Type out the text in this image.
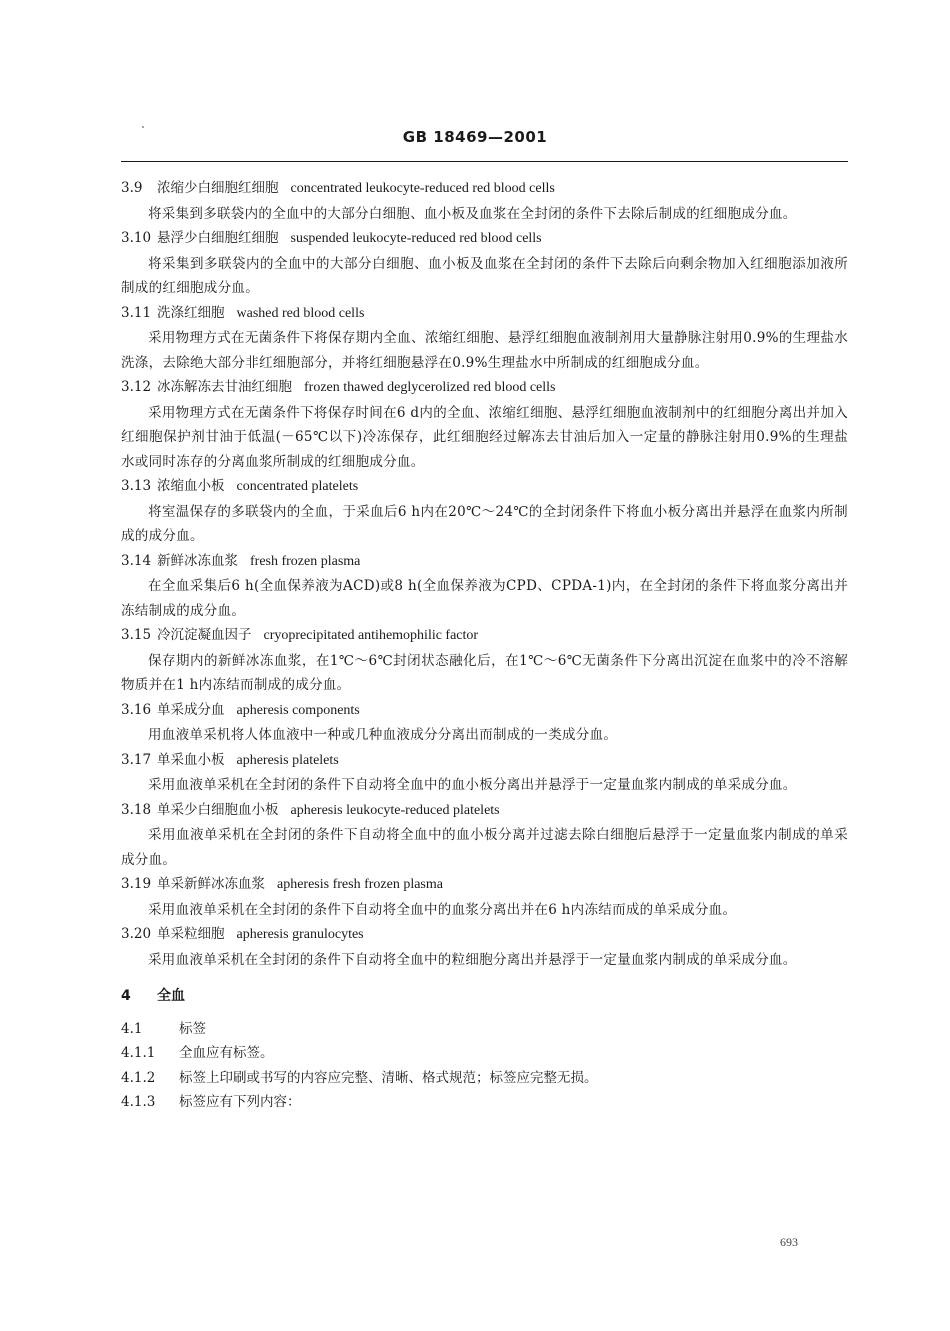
GB 18469—2001
3.9 浓缩少白细胞红细胞 concentrated leukocyte-reduced red blood cells
将采集到多联袋内的全血中的大部分白细胞、血小板及血浆在全封闭的条件下去除后制成的红细胞成分血。
3.10 悬浮少白细胞红细胞 suspended leukocyte-reduced red blood cells
将采集到多联袋内的全血中的大部分白细胞、血小板及血浆在全封闭的条件下去除后向剩余物加入红细胞添加液所制成的红细胞成分血。
3.11 洗涤红细胞 washed red blood cells
采用物理方式在无菌条件下将保存期内全血、浓缩红细胞、悬浮红细胞血液制剂用大量静脉注射用0.9%的生理盐水洗涤，去除绝大部分非红细胞部分，并将红细胞悬浮在0.9%生理盐水中所制成的红细胞成分血。
3.12 冰冻解冻去甘油红细胞 frozen thawed deglycerolized red blood cells
采用物理方式在无菌条件下将保存时间在6 d内的全血、浓缩红细胞、悬浮红细胞血液制剂中的红细胞分离出并加入红细胞保护剂甘油于低温(－65℃以下)冷冻保存，此红细胞经过解冻去甘油后加入一定量的静脉注射用0.9%的生理盐水或同时冻存的分离血浆所制成的红细胞成分血。
3.13 浓缩血小板 concentrated platelets
将室温保存的多联袋内的全血，于采血后6 h内在20℃～24℃的全封闭条件下将血小板分离出并悬浮在血浆内所制成的成分血。
3.14 新鲜冰冻血浆 fresh frozen plasma
在全血采集后6 h(全血保养液为ACD)或8 h(全血保养液为CPD、CPDA-1)内，在全封闭的条件下将血浆分离出并冻结制成的成分血。
3.15 冷沉淀凝血因子 cryoprecipitated antihemophilic factor
保存期内的新鲜冰冻血浆，在1℃～6℃封闭状态融化后，在1℃～6℃无菌条件下分离出沉淀在血浆中的冷不溶解物质并在1 h内冻结而制成的成分血。
3.16 单采成分血 apheresis components
用血液单采机将人体血液中一种或几种血液成分分离出而制成的一类成分血。
3.17 单采血小板 apheresis platelets
采用血液单采机在全封闭的条件下自动将全血中的血小板分离出并悬浮于一定量血浆内制成的单采成分血。
3.18 单采少白细胞血小板 apheresis leukocyte-reduced platelets
采用血液单采机在全封闭的条件下自动将全血中的血小板分离并过滤去除白细胞后悬浮于一定量血浆内制成的单采成分血。
3.19 单采新鲜冰冻血浆 apheresis fresh frozen plasma
采用血液单采机在全封闭的条件下自动将全血中的血浆分离出并在6 h内冻结而成的单采成分血。
3.20 单采粒细胞 apheresis granulocytes
采用血液单采机在全封闭的条件下自动将全血中的粒细胞分离出并悬浮于一定量血浆内制成的单采成分血。
4 全血
4.1	标签
4.1.1 全血应有标签。
4.1.2 标签上印刷或书写的内容应完整、清晰、格式规范；标签应完整无损。
4.1.3 标签应有下列内容：
693
